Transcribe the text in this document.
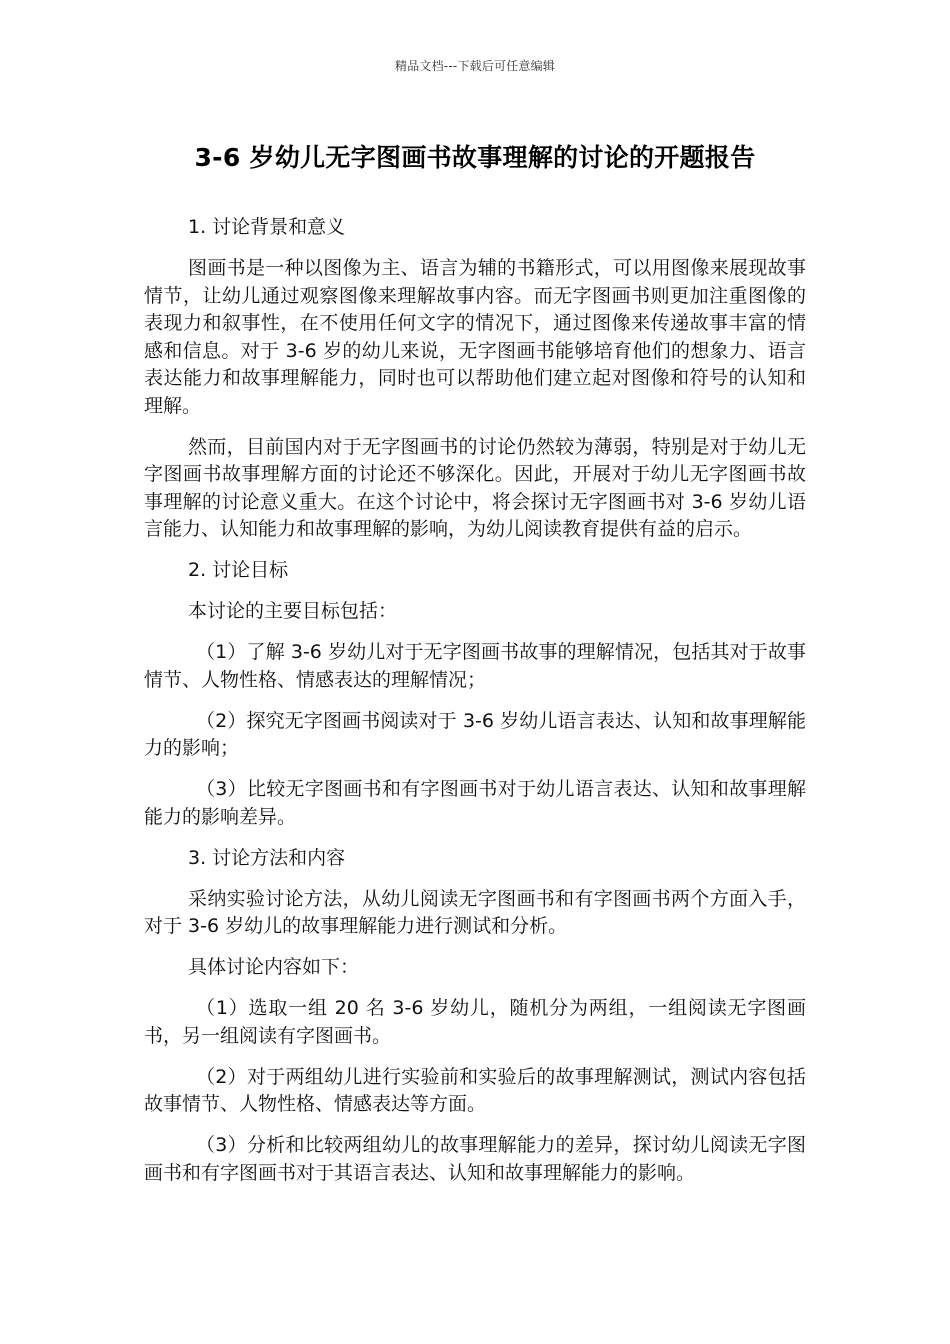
精品文档---下载后可任意编辑
3-6 岁幼儿无字图画书故事理解的讨论的开题报告

1. 讨论背景和意义

图画书是一种以图像为主、语言为辅的书籍形式，可以用图像来展现故事情节，让幼儿通过观察图像来理解故事内容。而无字图画书则更加注重图像的表现力和叙事性，在不使用任何文字的情况下，通过图像来传递故事丰富的情感和信息。对于 3-6 岁的幼儿来说，无字图画书能够培育他们的想象力、语言表达能力和故事理解能力，同时也可以帮助他们建立起对图像和符号的认知和理解。

然而，目前国内对于无字图画书的讨论仍然较为薄弱，特别是对于幼儿无字图画书故事理解方面的讨论还不够深化。因此，开展对于幼儿无字图画书故事理解的讨论意义重大。在这个讨论中，将会探讨无字图画书对 3-6 岁幼儿语言能力、认知能力和故事理解的影响，为幼儿阅读教育提供有益的启示。

2. 讨论目标

本讨论的主要目标包括：

（1）了解 3-6 岁幼儿对于无字图画书故事的理解情况，包括其对于故事情节、人物性格、情感表达的理解情况；

（2）探究无字图画书阅读对于 3-6 岁幼儿语言表达、认知和故事理解能力的影响；

（3）比较无字图画书和有字图画书对于幼儿语言表达、认知和故事理解能力的影响差异。

3. 讨论方法和内容

采纳实验讨论方法，从幼儿阅读无字图画书和有字图画书两个方面入手，对于 3-6 岁幼儿的故事理解能力进行测试和分析。

具体讨论内容如下：

（1）选取一组 20 名 3-6 岁幼儿，随机分为两组，一组阅读无字图画书，另一组阅读有字图画书。

（2）对于两组幼儿进行实验前和实验后的故事理解测试，测试内容包括故事情节、人物性格、情感表达等方面。

（3）分析和比较两组幼儿的故事理解能力的差异，探讨幼儿阅读无字图画书和有字图画书对于其语言表达、认知和故事理解能力的影响。
